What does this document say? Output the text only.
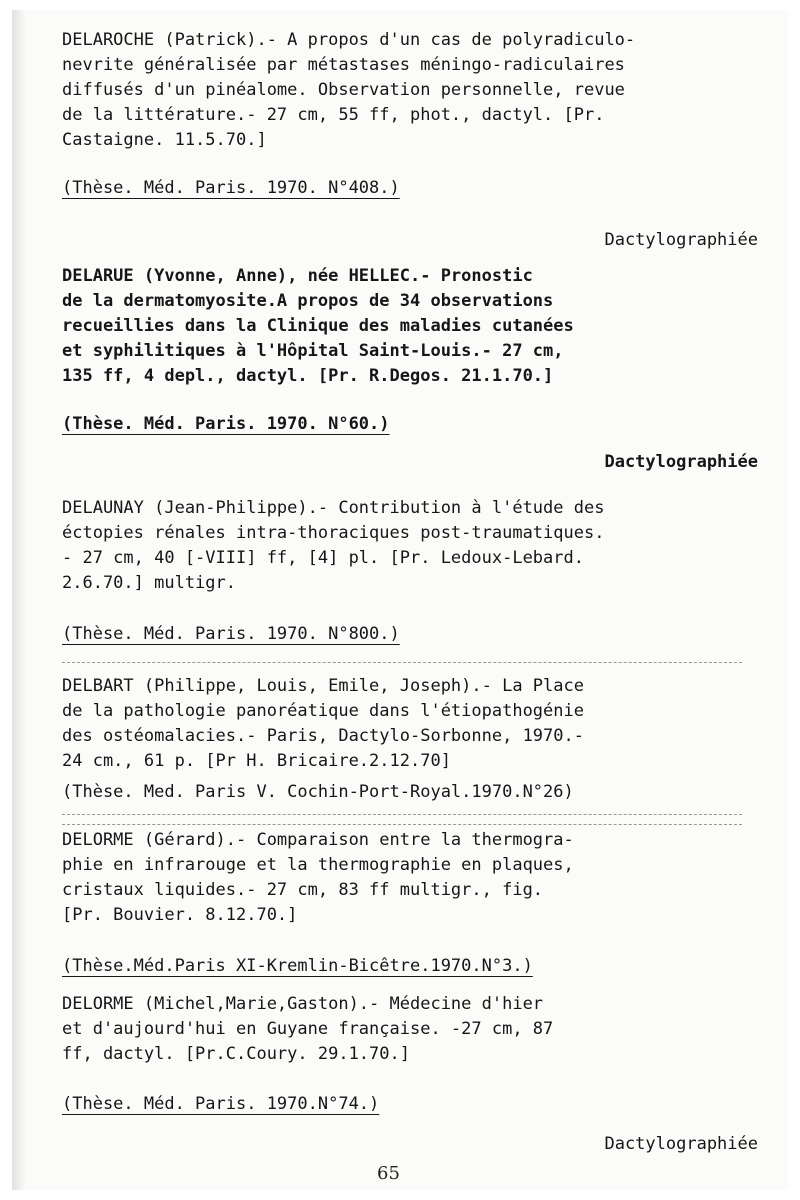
DELAROCHE (Patrick).- A propos d'un cas de polyradiculo-

nevrite généralisée par métastases méningo-radiculaires

diffusés d'un pinéalome. Observation personnelle, revue

de la littérature.- 27 cm, 55 ff, phot., dactyl. [Pr.

Castaigne. 11.5.70.]

(Thèse. Méd. Paris. 1970. N°408.)
Dactylographiée

DELARUE (Yvonne, Anne), née HELLEC.- Pronostic

de la dermatomyosite.A propos de 34 observations

recueillies dans la Clinique des maladies cutanées

et syphilitiques à l'Hôpital Saint-Louis.- 27 cm,

135 ff, 4 depl., dactyl. [Pr. R.Degos. 21.1.70.]

(Thèse. Méd. Paris. 1970. N°60.)
Dactylographiée

DELAUNAY (Jean-Philippe).- Contribution à l'étude des

éctopies rénales intra-thoraciques post-traumatiques.

- 27 cm, 40 [-VIII] ff, [4] pl. [Pr. Ledoux-Lebard.

2.6.70.] multigr.

(Thèse. Méd. Paris. 1970. N°800.)

DELBART (Philippe, Louis, Emile, Joseph).- La Place

de la pathologie panoréatique dans l'étiopathogénie

des ostéomalacies.- Paris, Dactylo-Sorbonne, 1970.-

24 cm., 61 p. [Pr H. Bricaire.2.12.70]

(Thèse. Med. Paris V. Cochin-Port-Royal.1970.N°26)

DELORME (Gérard).- Comparaison entre la thermogra-

phie en infrarouge et la thermographie en plaques,

cristaux liquides.- 27 cm, 83 ff multigr., fig.

[Pr. Bouvier. 8.12.70.]

(Thèse.Méd.Paris XI-Kremlin-Bicêtre.1970.N°3.)

DELORME (Michel,Marie,Gaston).- Médecine d'hier

et d'aujourd'hui en Guyane française. -27 cm, 87

ff, dactyl. [Pr.C.Coury. 29.1.70.]

(Thèse. Méd. Paris. 1970.N°74.)
Dactylographiée
65
